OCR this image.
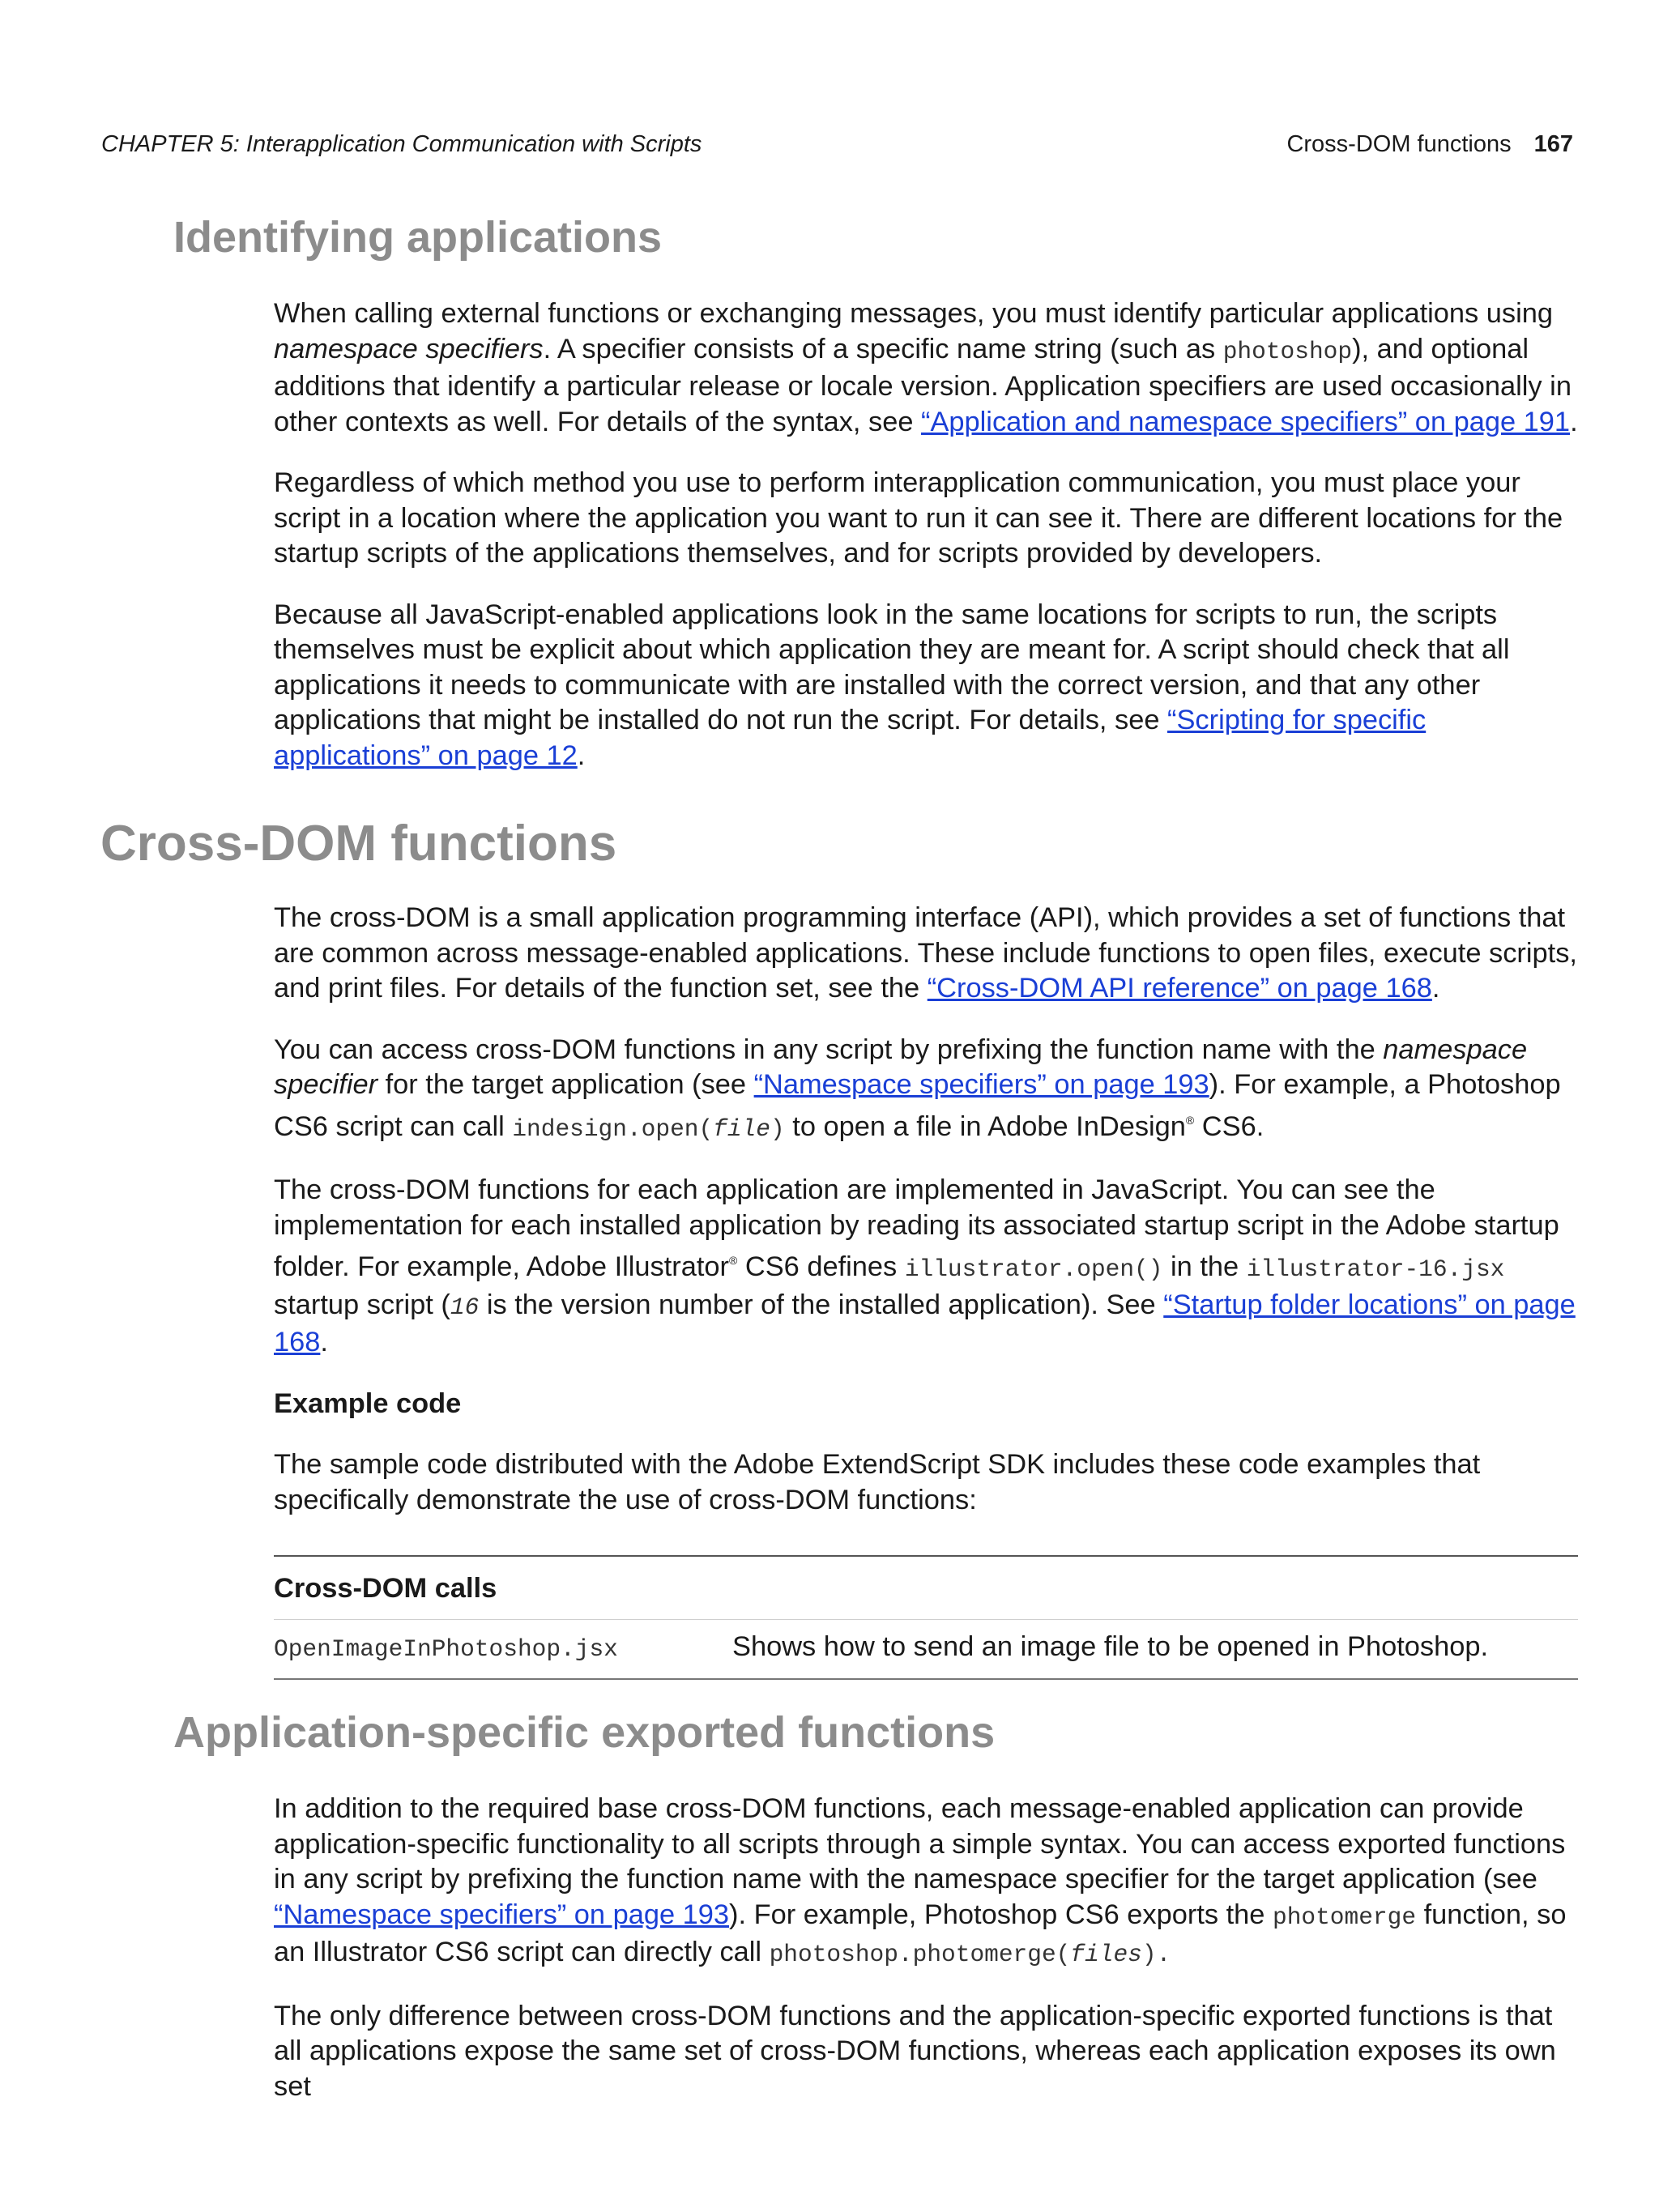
CHAPTER 5: Interapplication Communication with Scripts	Cross-DOM functions 167
Identifying applications

When calling external functions or exchanging messages, you must identify particular applications using namespace specifiers. A specifier consists of a specific name string (such as photoshop), and optional additions that identify a particular release or locale version. Application specifiers are used occasionally in other contexts as well. For details of the syntax, see “Application and namespace specifiers” on page 191.

Regardless of which method you use to perform interapplication communication, you must place your script in a location where the application you want to run it can see it. There are different locations for the startup scripts of the applications themselves, and for scripts provided by developers.

Because all JavaScript-enabled applications look in the same locations for scripts to run, the scripts themselves must be explicit about which application they are meant for. A script should check that all applications it needs to communicate with are installed with the correct version, and that any other applications that might be installed do not run the script. For details, see “Scripting for specific applications” on page 12.

Cross-DOM functions

The cross-DOM is a small application programming interface (API), which provides a set of functions that are common across message-enabled applications. These include functions to open files, execute scripts, and print files. For details of the function set, see the “Cross-DOM API reference” on page 168.

You can access cross-DOM functions in any script by prefixing the function name with the namespace specifier for the target application (see “Namespace specifiers” on page 193). For example, a Photoshop CS6 script can call indesign.open(file) to open a file in Adobe InDesign® CS6.

The cross-DOM functions for each application are implemented in JavaScript. You can see the implementation for each installed application by reading its associated startup script in the Adobe startup folder. For example, Adobe Illustrator® CS6 defines illustrator.open() in the illustrator-16.jsx startup script (16 is the version number of the installed application). See “Startup folder locations” on page 168.

Example code

The sample code distributed with the Adobe ExtendScript SDK includes these code examples that specifically demonstrate the use of cross-DOM functions:

Cross-DOM calls
OpenImageInPhotoshop.jsx	Shows how to send an image file to be opened in Photoshop.
Application-specific exported functions

In addition to the required base cross-DOM functions, each message-enabled application can provide application-specific functionality to all scripts through a simple syntax. You can access exported functions in any script by prefixing the function name with the namespace specifier for the target application (see “Namespace specifiers” on page 193). For example, Photoshop CS6 exports the photomerge function, so an Illustrator CS6 script can directly call photoshop.photomerge(files).

The only difference between cross-DOM functions and the application-specific exported functions is that all applications expose the same set of cross-DOM functions, whereas each application exposes its own set
